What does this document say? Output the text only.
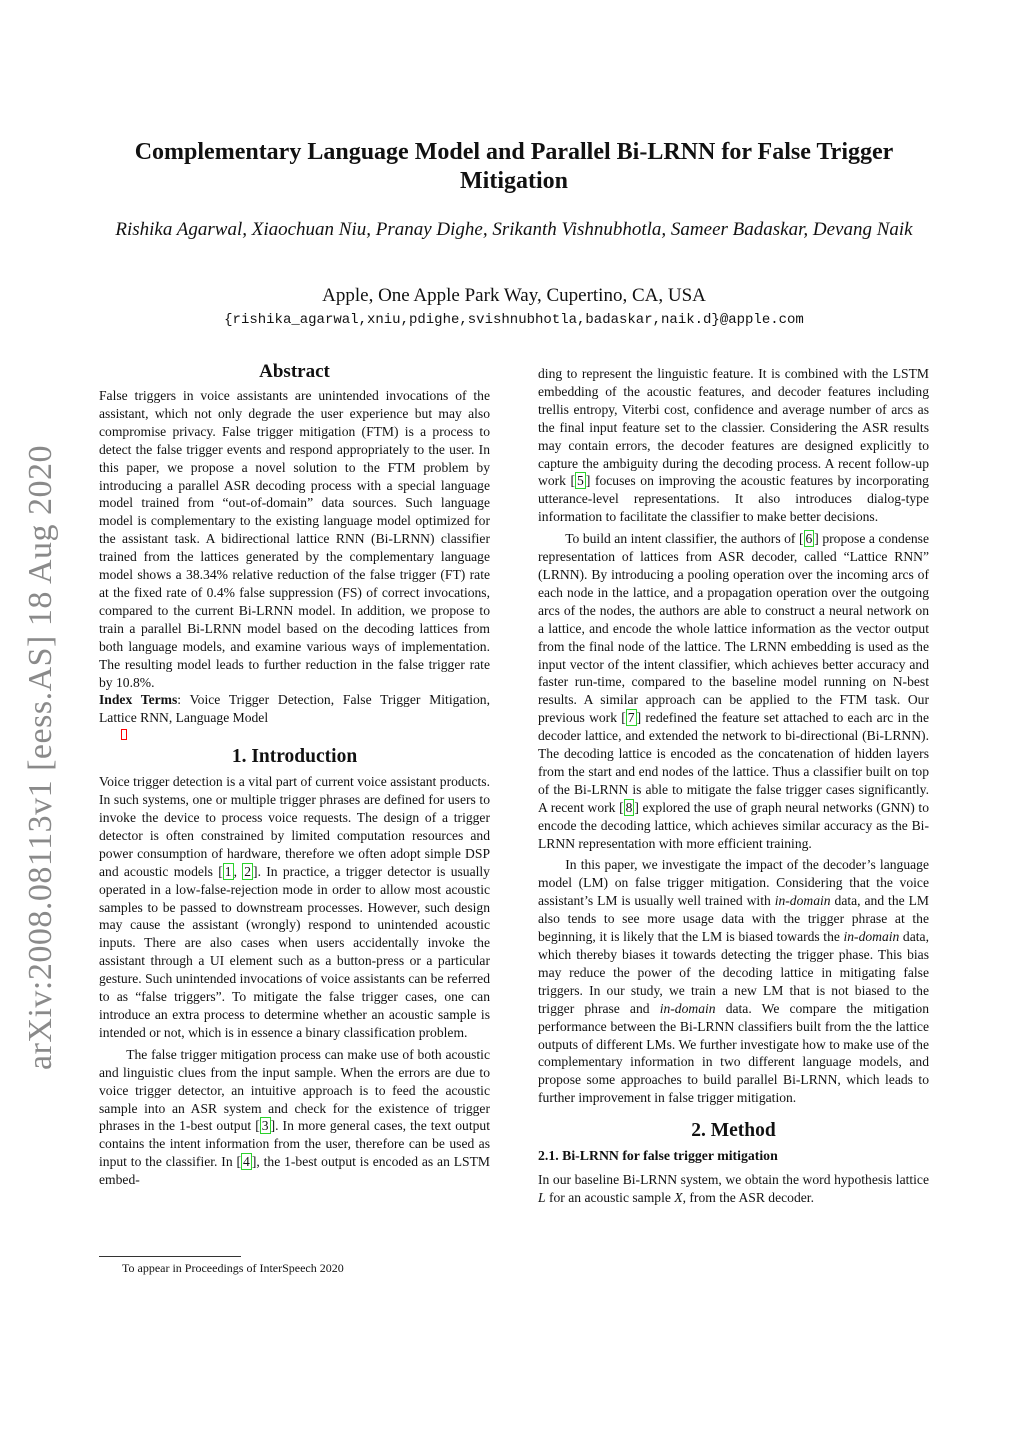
arXiv:2008.08113v1 [eess.AS] 18 Aug 2020
Complementary Language Model and Parallel Bi-LRNN for False Trigger Mitigation
Rishika Agarwal, Xiaochuan Niu, Pranay Dighe, Srikanth Vishnubhotla, Sameer Badaskar, Devang Naik
Apple, One Apple Park Way, Cupertino, CA, USA
{rishika_agarwal,xniu,pdighe,svishnubhotla,badaskar,naik.d}@apple.com
Abstract

False triggers in voice assistants are unintended invocations of the assistant, which not only degrade the user experience but may also compromise privacy. False trigger mitigation (FTM) is a process to detect the false trigger events and respond appropriately to the user. In this paper, we propose a novel solution to the FTM problem by introducing a parallel ASR decoding process with a special language model trained from “out-of-domain” data sources. Such language model is complementary to the existing language model optimized for the assistant task. A bidirectional lattice RNN (Bi-LRNN) classifier trained from the lattices generated by the complementary language model shows a 38.34% relative reduction of the false trigger (FT) rate at the fixed rate of 0.4% false suppression (FS) of correct invocations, compared to the current Bi-LRNN model. In addition, we propose to train a parallel Bi-LRNN model based on the decoding lattices from both language models, and examine various ways of implementation. The resulting model leads to further reduction in the false trigger rate by 10.8%.

Index Terms: Voice Trigger Detection, False Trigger Mitigation, Lattice RNN, Language Model

1. Introduction

Voice trigger detection is a vital part of current voice assistant products. In such systems, one or multiple trigger phrases are defined for users to invoke the device to process voice requests. The design of a trigger detector is often constrained by limited computation resources and power consumption of hardware, therefore we often adopt simple DSP and acoustic models [ 1 , 2 ]. In practice, a trigger detector is usually operated in a low-false-rejection mode in order to allow most acoustic samples to be passed to downstream processes. However, such design may cause the assistant (wrongly) respond to unintended acoustic inputs. There are also cases when users accidentally invoke the assistant through a UI element such as a button-press or a particular gesture. Such unintended invocations of voice assistants can be referred to as “false triggers”. To mitigate the false trigger cases, one can introduce an extra process to determine whether an acoustic sample is intended or not, which is in essence a binary classification problem.

The false trigger mitigation process can make use of both acoustic and linguistic clues from the input sample. When the errors are due to voice trigger detector, an intuitive approach is to feed the acoustic sample into an ASR system and check for the existence of trigger phrases in the 1-best output [ 3 ]. In more general cases, the text output contains the intent information from the user, therefore can be used as input to the classifier. In [ 4 ], the 1-best output is encoded as an LSTM embed-

ding to represent the linguistic feature. It is combined with the LSTM embedding of the acoustic features, and decoder features including trellis entropy, Viterbi cost, confidence and average number of arcs as the final input feature set to the classier. Considering the ASR results may contain errors, the decoder features are designed explicitly to capture the ambiguity during the decoding process. A recent follow-up work [ 5 ] focuses on improving the acoustic features by incorporating utterance-level representations. It also introduces dialog-type information to facilitate the classifier to make better decisions.

To build an intent classifier, the authors of [ 6 ] propose a condense representation of lattices from ASR decoder, called “Lattice RNN” (LRNN). By introducing a pooling operation over the incoming arcs of each node in the lattice, and a propagation operation over the outgoing arcs of the nodes, the authors are able to construct a neural network on a lattice, and encode the whole lattice information as the vector output from the final node of the lattice. The LRNN embedding is used as the input vector of the intent classifier, which achieves better accuracy and faster run-time, compared to the baseline model running on N-best results. A similar approach can be applied to the FTM task. Our previous work [ 7 ] redefined the feature set attached to each arc in the decoder lattice, and extended the network to bi-directional (Bi-LRNN). The decoding lattice is encoded as the concatenation of hidden layers from the start and end nodes of the lattice. Thus a classifier built on top of the Bi-LRNN is able to mitigate the false trigger cases significantly. A recent work [ 8 ] explored the use of graph neural networks (GNN) to encode the decoding lattice, which achieves similar accuracy as the Bi-LRNN representation with more efficient training.

In this paper, we investigate the impact of the decoder’s language model (LM) on false trigger mitigation. Considering that the voice assistant’s LM is usually well trained with in-domain data, and the LM also tends to see more usage data with the trigger phrase at the beginning, it is likely that the LM is biased towards the in-domain data, which thereby biases it towards detecting the trigger phase. This bias may reduce the power of the decoding lattice in mitigating false triggers. In our study, we train a new LM that is not biased to the trigger phrase and in-domain data. We compare the mitigation performance between the Bi-LRNN classifiers built from the the lattice outputs of different LMs. We further investigate how to make use of the complementary information in two different language models, and propose some approaches to build parallel Bi-LRNN, which leads to further improvement in false trigger mitigation.

2. Method
2.1. Bi-LRNN for false trigger mitigation

In our baseline Bi-LRNN system, we obtain the word hypothesis lattice L for an acoustic sample X, from the ASR decoder.

To appear in Proceedings of InterSpeech 2020
